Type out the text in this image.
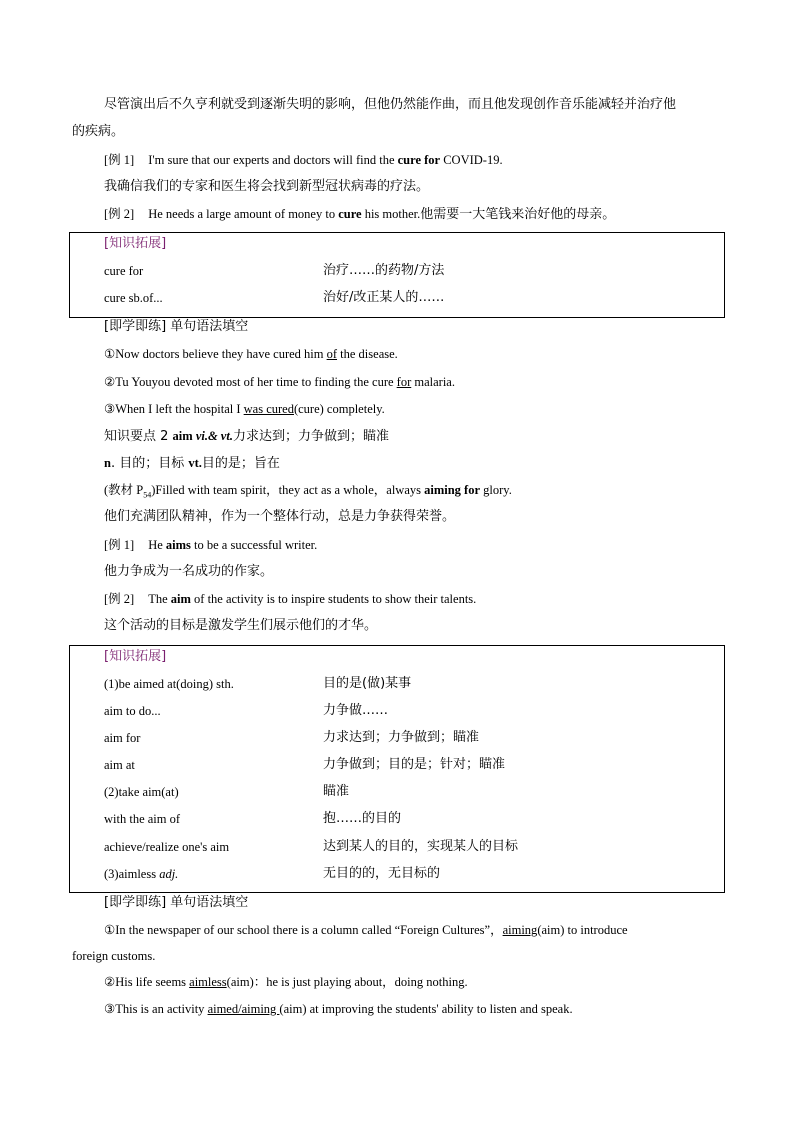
尽管演出后不久亨利就受到逐渐失明的影响，但他仍然能作曲，而且他发现创作音乐能减轻并治疗他
的疾病。
[例 1] I'm sure that our experts and doctors will find the cure for COVID-19.
我确信我们的专家和医生将会找到新型冠状病毒的疗法。
[例 2] He needs a large amount of money to cure his mother.他需要一大笔钱来治好他的母亲。
[知识拓展]
cure for	治疗……的药物/方法
cure sb.of...	治好/改正某人的……
[即学即练] 单句语法填空
①Now doctors believe they have cured him of the disease.
②Tu Youyou devoted most of her time to finding the cure for malaria.
③When I left the hospital I was cured(cure) completely.
知识要点 2 aim vi.& vt.力求达到；力争做到；瞄准
n. 目的；目标 vt.目的是；旨在
(教材 $P_{54})Filled$ with team spirit，they act as a whole，always aiming for glory.
他们充满团队精神，作为一个整体行动，总是力争获得荣誉。
[例 1] He aims to be a successful writer.
他力争成为一名成功的作家。
[例 2] The aim of the activity is to inspire students to show their talents.
这个活动的目标是激发学生们展示他们的才华。
[知识拓展]
(1)be aimed at(doing) sth.	目的是(做)某事
aim to do...	力争做……
aim for	力求达到；力争做到；瞄准
aim at	力争做到；目的是；针对；瞄准
(2)take aim(at)	瞄准
with the aim of	抱……的目的
achieve/realize one's aim	达到某人的目的，实现某人的目标
(3)aimless adj.	无目的的，无目标的
[即学即练] 单句语法填空
①In the newspaper of our school there is a column called “Foreign Cultures”，aiming(aim) to introduce
foreign customs.
②His life seems aimless(aim)：he is just playing about，doing nothing.
③This is an activity aimed/aiming (aim) at improving the students' ability to listen and speak.
